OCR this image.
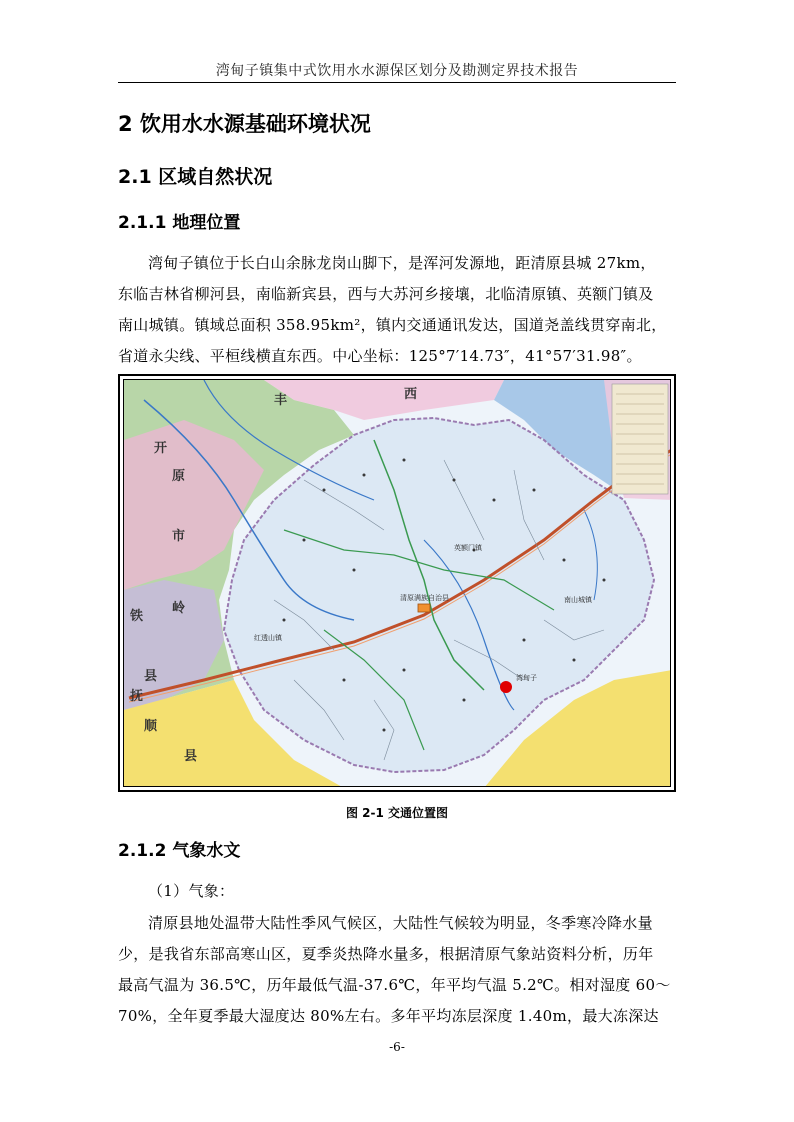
湾甸子镇集中式饮用水水源保区划分及勘测定界技术报告
2 饮用水水源基础环境状况
2.1 区域自然状况
2.1.1 地理位置
湾甸子镇位于长白山余脉龙岗山脚下，是浑河发源地，距清原县城 27km，
东临吉林省柳河县，南临新宾县，西与大苏河乡接壤，北临清原镇、英额门镇及
南山城镇。镇域总面积 358.95km²，镇内交通通讯发达，国道尧盖线贯穿南北，
省道永尖线、平桓线横直东西。中心坐标：125°7′14.73″，41°57′31.98″。
西
丰
县
开
原
市
铁
岭
县
抚
顺
清原满族自治县	南山城镇
英额门镇
红透山镇
湾甸子
图 2-1 交通位置图
2.1.2 气象水文
（1）气象：
清原县地处温带大陆性季风气候区，大陆性气候较为明显，冬季寒冷降水量
少，是我省东部高寒山区，夏季炎热降水量多，根据清原气象站资料分析，历年
最高气温为 36.5℃，历年最低气温-37.6℃，年平均气温 5.2℃。相对湿度 60～
70%，全年夏季最大湿度达 80%左右。多年平均冻层深度 1.40m，最大冻深达
-6-
